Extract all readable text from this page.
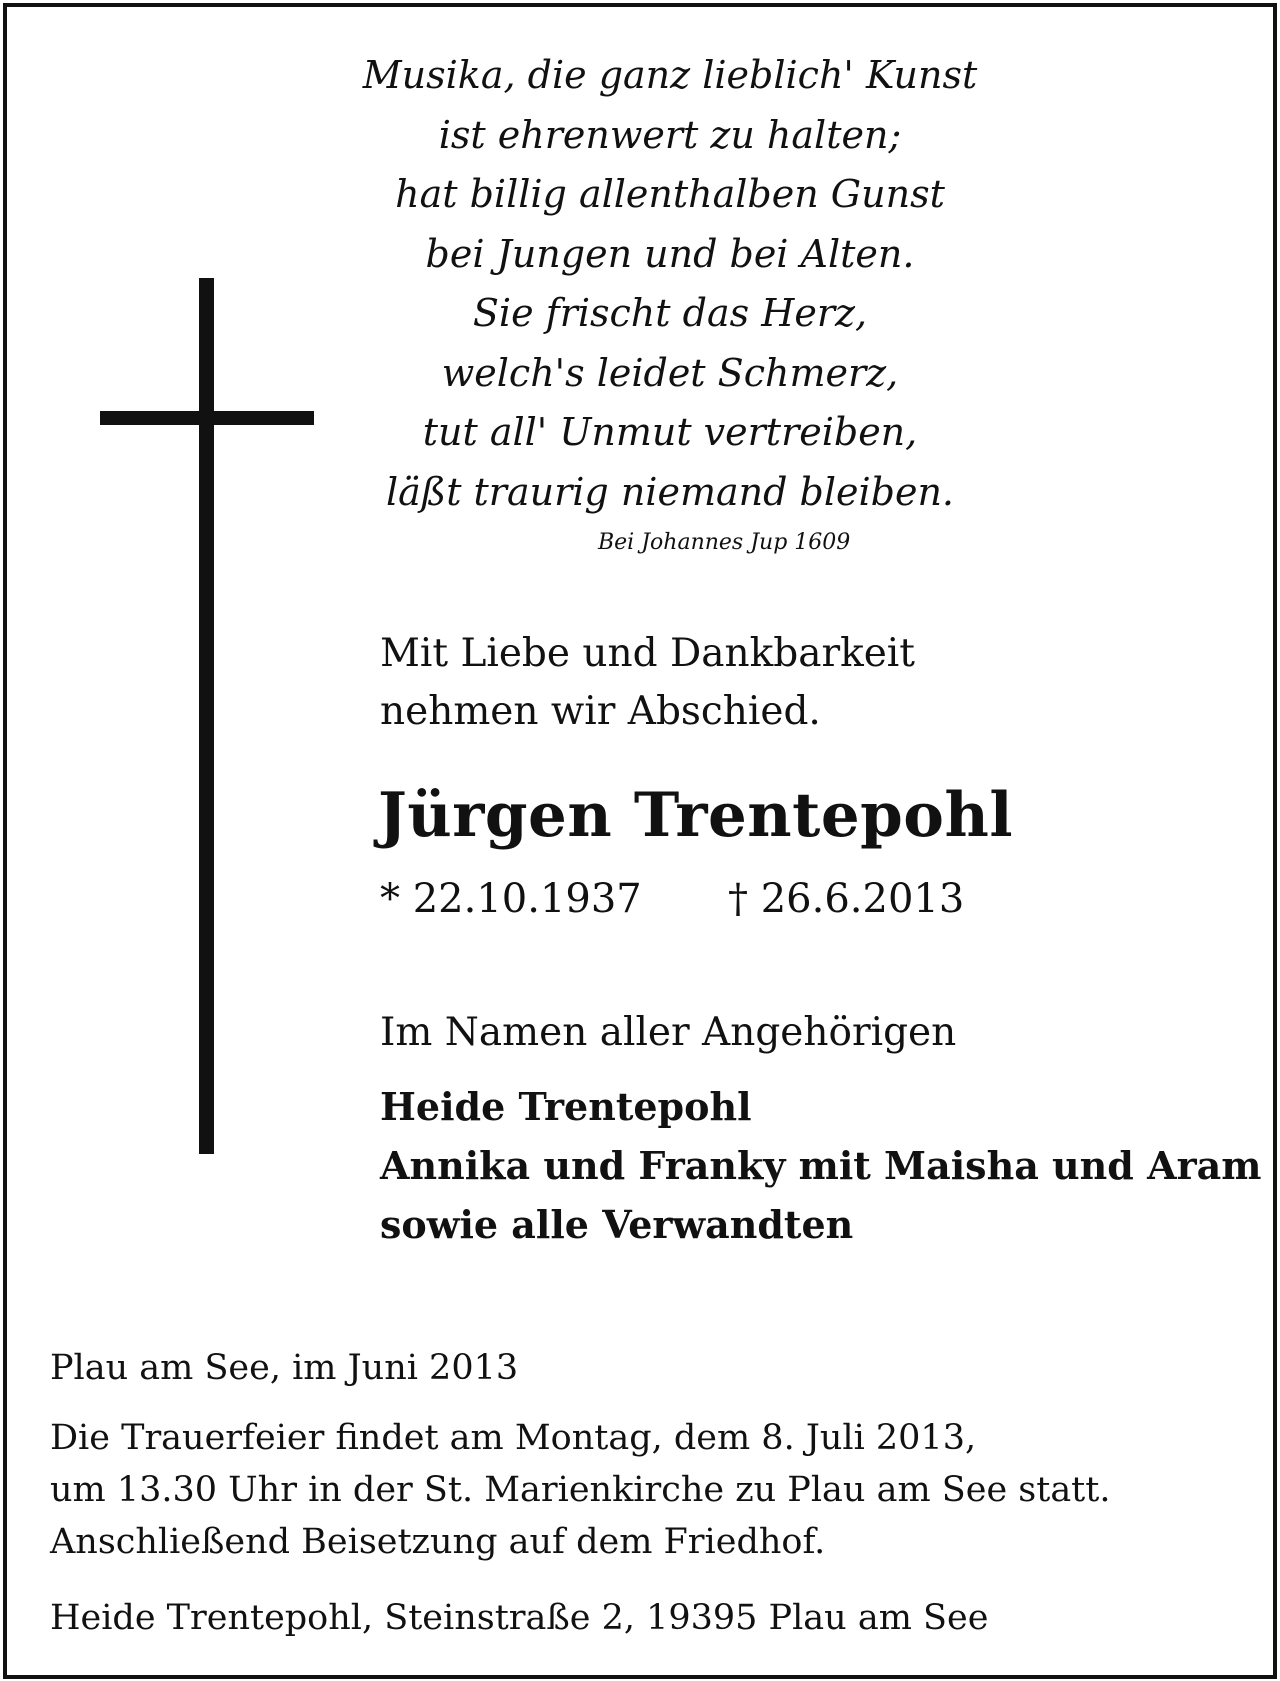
Musika, die ganz lieblich' Kunst
ist ehrenwert zu halten;
hat billig allenthalben Gunst
bei Jungen und bei Alten.
Sie frischt das Herz,
welch's leidet Schmerz,
tut all' Unmut vertreiben,
läßt traurig niemand bleiben.
Bei Johannes Jup 1609
Mit Liebe und Dankbarkeit
nehmen wir Abschied.
Jürgen Trentepohl
* 22.10.1937 † 26.6.2013
Im Namen aller Angehörigen
Heide Trentepohl
Annika und Franky mit Maisha und Aram
sowie alle Verwandten
Plau am See, im Juni 2013
Die Trauerfeier findet am Montag, dem 8. Juli 2013,
um 13.30 Uhr in der St. Marienkirche zu Plau am See statt.
Anschließend Beisetzung auf dem Friedhof.
Heide Trentepohl, Steinstraße 2, 19395 Plau am See
